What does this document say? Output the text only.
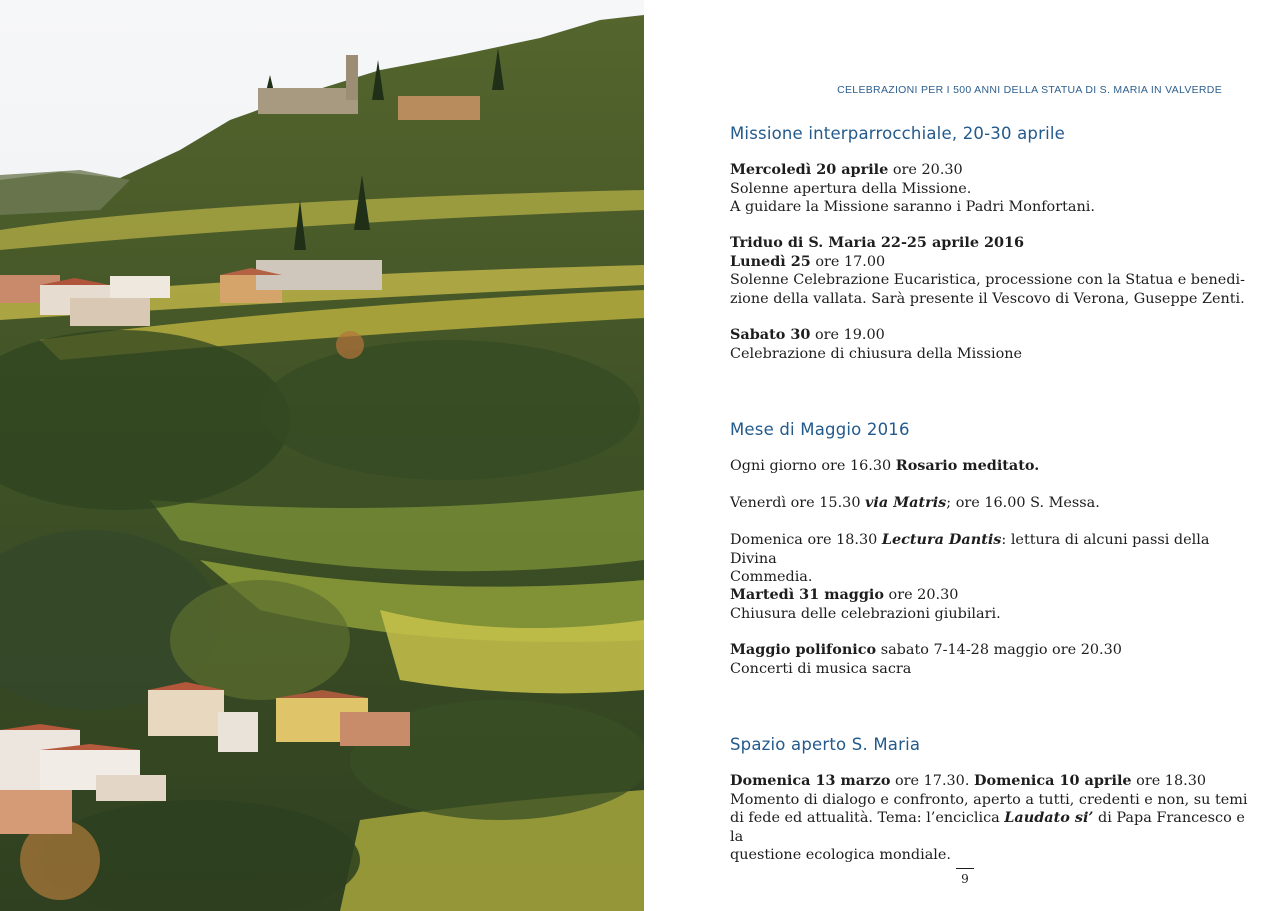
CELEBRAZIONI PER I 500 ANNI DELLA STATUA DI S. MARIA IN VALVERDE
Missione interparrocchiale, 20-30 aprile

Mercoledì 20 aprile ore 20.30

Solenne apertura della Missione.

A guidare la Missione saranno i Padri Monfortani.

Triduo di S. Maria 22-25 aprile 2016

Lunedì 25 ore 17.00

Solenne Celebrazione Eucaristica, processione con la Statua e benedi-

zione della vallata. Sarà presente il Vescovo di Verona, Guseppe Zenti.

Sabato 30 ore 19.00

Celebrazione di chiusura della Missione

Mese di Maggio 2016

Ogni giorno ore 16.30 Rosario meditato.

Venerdì ore 15.30 via Matris; ore 16.00 S. Messa.

Domenica ore 18.30 Lectura Dantis: lettura di alcuni passi della Divina

Commedia.

Martedì 31 maggio ore 20.30

Chiusura delle celebrazioni giubilari.

Maggio polifonico sabato 7-14-28 maggio ore 20.30

Concerti di musica sacra

Spazio aperto S. Maria

Domenica 13 marzo ore 17.30. Domenica 10 aprile ore 18.30

Momento di dialogo e confronto, aperto a tutti, credenti e non, su temi

di fede ed attualità. Tema: l’enciclica Laudato si’ di Papa Francesco e la

questione ecologica mondiale.

9
